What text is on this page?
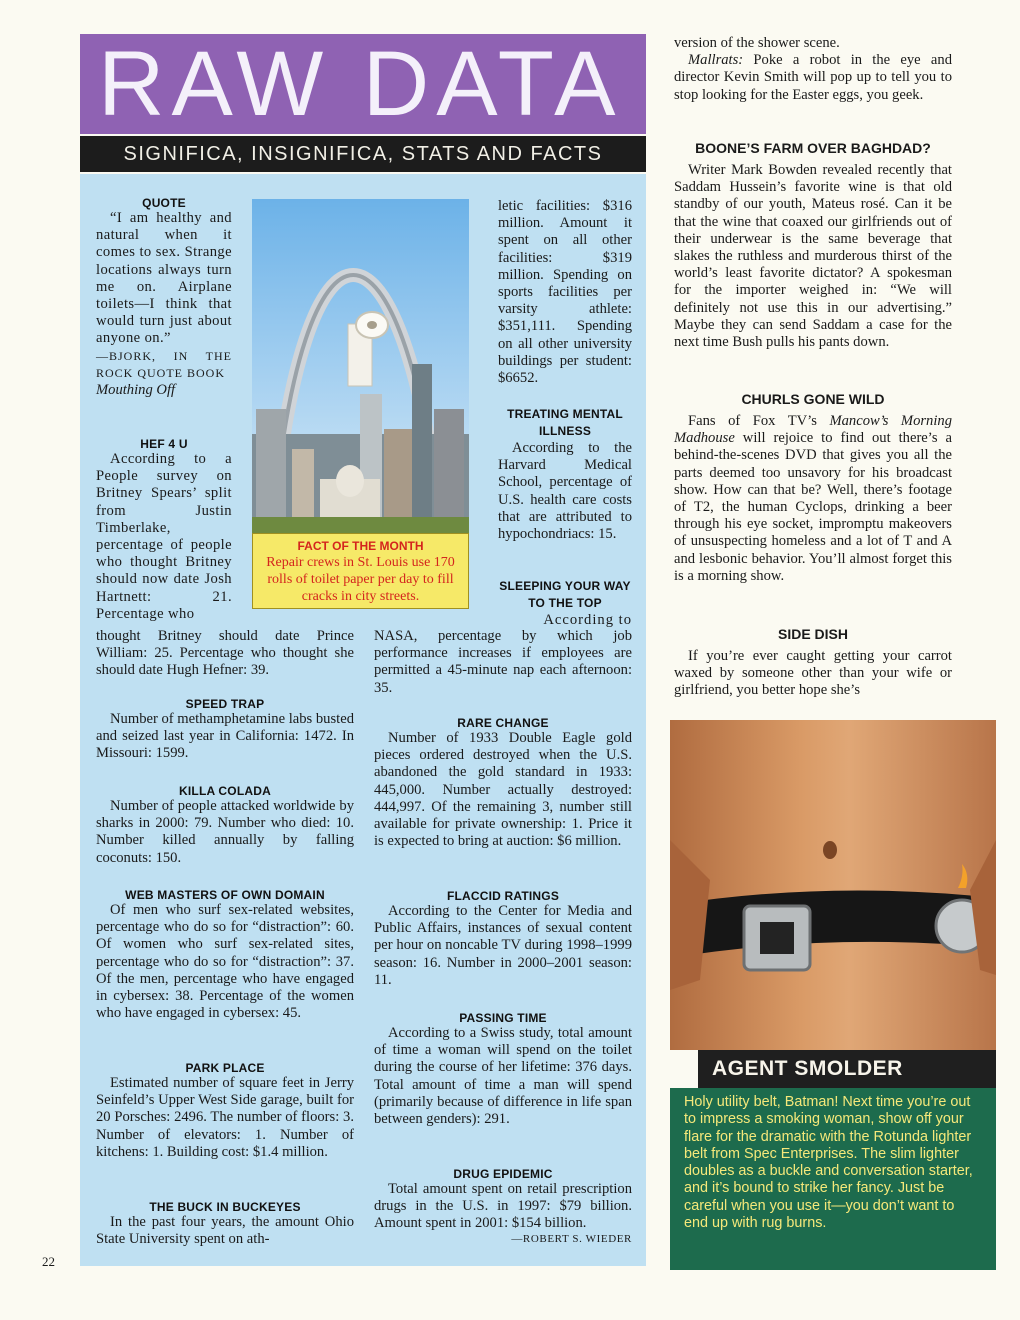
RAW DATA
SIGNIFICA, INSIGNIFICA, STATS AND FACTS

QUOTE

“I am healthy and natural when it comes to sex. Strange locations always turn me on. Airplane toilets—I think that would turn just about anyone on.”

—BJORK, IN THE ROCK QUOTE BOOK

Mouthing Off

HEF 4 U

According to a People survey on Britney Spears’ split from Justin Timberlake, percentage of people who thought Britney should now date Josh Hartnett: 21. Percentage who

thought Britney should date Prince William: 25. Percentage who thought she should date Hugh Hefner: 39.

FACT OF THE MONTH
Repair crews in St. Louis use 170 rolls of toilet paper per day to fill cracks in city streets.

letic facilities: $316 million. Amount it spent on all other facilities: $319 million. Spending on sports facilities per varsity athlete: $351,111. Spending on all other university buildings per student: $6652.

TREATING MENTAL ILLNESS

According to the Harvard Medical School, percentage of U.S. health care costs that are attributed to hypochondriacs: 15.

SLEEPING YOUR WAY TO THE TOP

According to

NASA, percentage by which job performance increases if employees are permitted a 45-minute nap each afternoon: 35.

SPEED TRAP

Number of methamphetamine labs busted and seized last year in California: 1472. In Missouri: 1599.

KILLA COLADA

Number of people attacked worldwide by sharks in 2000: 79. Number who died: 10. Number killed annually by falling coconuts: 150.

WEB MASTERS OF OWN DOMAIN

Of men who surf sex-related websites, percentage who do so for “distraction”: 60. Of women who surf sex-related sites, percentage who do so for “distraction”: 37. Of the men, percentage who have engaged in cybersex: 38. Percentage of the women who have engaged in cybersex: 45.

PARK PLACE

Estimated number of square feet in Jerry Seinfeld’s Upper West Side garage, built for 20 Porsches: 2496. The number of floors: 3. Number of elevators: 1. Number of kitchens: 1. Building cost: $1.4 million.

THE BUCK IN BUCKEYES

In the past four years, the amount Ohio State University spent on ath-

RARE CHANGE

Number of 1933 Double Eagle gold pieces ordered destroyed when the U.S. abandoned the gold standard in 1933: 445,000. Number actually destroyed: 444,997. Of the remaining 3, number still available for private ownership: 1. Price it is expected to bring at auction: $6 million.

FLACCID RATINGS

According to the Center for Media and Public Affairs, instances of sexual content per hour on noncable TV during 1998–1999 season: 16. Number in 2000–2001 season: 11.

PASSING TIME

According to a Swiss study, total amount of time a woman will spend on the toilet during the course of her lifetime: 376 days. Total amount of time a man will spend (primarily because of difference in life span between genders): 291.

DRUG EPIDEMIC

Total amount spent on retail prescription drugs in the U.S. in 1997: $79 billion. Amount spent in 2001: $154 billion.

—ROBERT S. WIEDER

version of the shower scene.

Mallrats: Poke a robot in the eye and director Kevin Smith will pop up to tell you to stop looking for the Easter eggs, you geek.

BOONE’S FARM OVER BAGHDAD?

Writer Mark Bowden revealed recently that Saddam Hussein’s favorite wine is that old standby of our youth, Mateus rosé. Can it be that the wine that coaxed our girlfriends out of their underwear is the same beverage that slakes the ruthless and murderous thirst of the world’s least favorite dictator? A spokesman for the importer weighed in: “We will definitely not use this in our advertising.” Maybe they can send Saddam a case for the next time Bush pulls his pants down.

CHURLS GONE WILD

Fans of Fox TV’s Mancow’s Morning Madhouse will rejoice to find out there’s a behind-the-scenes DVD that gives you all the parts deemed too unsavory for his broadcast show. How can that be? Well, there’s footage of T2, the human Cyclops, drinking a beer through his eye socket, impromptu makeovers of unsuspecting homeless and a lot of T and A and lesbonic behavior. You’ll almost forget this is a morning show.

SIDE DISH

If you’re ever caught getting your carrot waxed by someone other than your wife or girlfriend, you better hope she’s

AGENT SMOLDER

Holy utility belt, Batman! Next time you’re out to impress a smoking woman, show off your flare for the dramatic with the Rotunda lighter belt from Spec Enterprises. The slim lighter doubles as a buckle and conversation starter, and it’s bound to strike her fancy. Just be careful when you use it—you don’t want to end up with rug burns.

22
